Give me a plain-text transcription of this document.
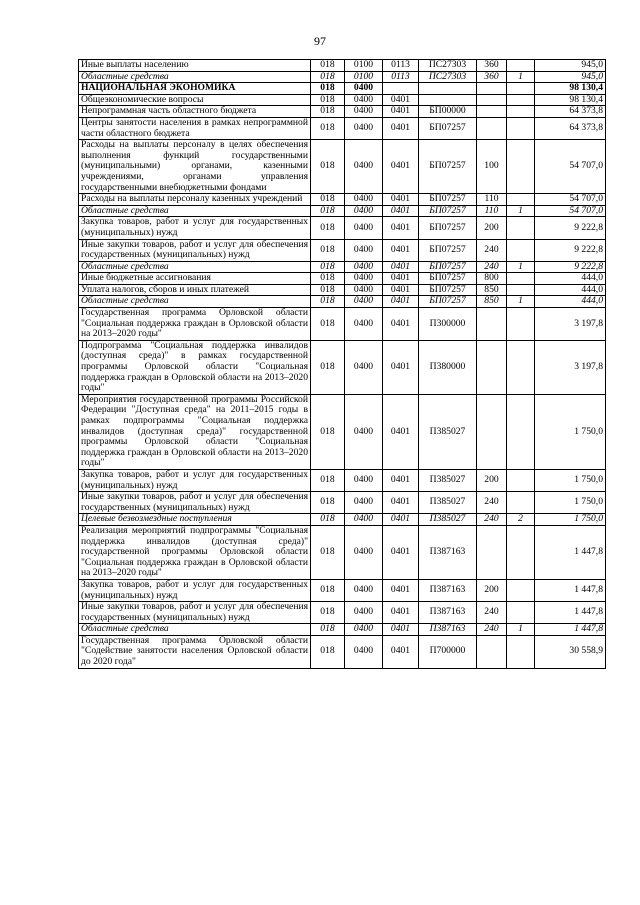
97
Иные выплаты населению	018	0100	0113	ПС27303	360		945,0
Областные средства	018	0100	0113	ПС27303	360	1	945,0
НАЦИОНАЛЬНАЯ ЭКОНОМИКА	018	0400					98 130,4
Общеэкономические вопросы	018	0400	0401				98 130,4
Непрограммная часть областного бюджета	018	0400	0401	БП00000			64 373,8
Центры занятости населения в рамках непрограммной части областного бюджета	018	0400	0401	БП07257			64 373,8
Расходы на выплаты персоналу в целях обеспечения выполнения функций государственными (муниципальными) органами, казенными учреждениями, органами управления государственными внебюджетными фондами	018	0400	0401	БП07257	100		54 707,0
Расходы на выплаты персоналу казенных учреждений	018	0400	0401	БП07257	110		54 707,0
Областные средства	018	0400	0401	БП07257	110	1	54 707,0
Закупка товаров, работ и услуг для государственных (муниципальных) нужд	018	0400	0401	БП07257	200		9 222,8
Иные закупки товаров, работ и услуг для обеспечения государственных (муниципальных) нужд	018	0400	0401	БП07257	240		9 222,8
Областные средства	018	0400	0401	БП07257	240	1	9 222,8
Иные бюджетные ассигнования	018	0400	0401	БП07257	800		444,0
Уплата налогов, сборов и иных платежей	018	0400	0401	БП07257	850		444,0
Областные средства	018	0400	0401	БП07257	850	1	444,0
Государственная программа Орловской области "Социальная поддержка граждан в Орловской области на 2013–2020 годы"	018	0400	0401	П300000			3 197,8
Подпрограмма "Социальная поддержка инвалидов (доступная среда)" в рамках государственной программы Орловской области "Социальная поддержка граждан в Орловской области на 2013–2020 годы"	018	0400	0401	П380000			3 197,8
Мероприятия государственной программы Российской Федерации "Доступная среда" на 2011–2015 годы в рамках подпрограммы "Социальная поддержка инвалидов (доступная среда)" государственной программы Орловской области "Социальная поддержка граждан в Орловской области на 2013–2020 годы"	018	0400	0401	П385027			1 750,0
Закупка товаров, работ и услуг для государственных (муниципальных) нужд	018	0400	0401	П385027	200		1 750,0
Иные закупки товаров, работ и услуг для обеспечения государственных (муниципальных) нужд	018	0400	0401	П385027	240		1 750,0
Целевые безвозмездные поступления	018	0400	0401	П385027	240	2	1 750,0
Реализация мероприятий подпрограммы "Социальная поддержка инвалидов (доступная среда)" государственной программы Орловской области "Социальная поддержка граждан в Орловской области на 2013–2020 годы"	018	0400	0401	П387163			1 447,8
Закупка товаров, работ и услуг для государственных (муниципальных) нужд	018	0400	0401	П387163	200		1 447,8
Иные закупки товаров, работ и услуг для обеспечения государственных (муниципальных) нужд	018	0400	0401	П387163	240		1 447,8
Областные средства	018	0400	0401	П387163	240	1	1 447,8
Государственная программа Орловской области "Содействие занятости населения Орловской области до 2020 года"	018	0400	0401	П700000			30 558,9
